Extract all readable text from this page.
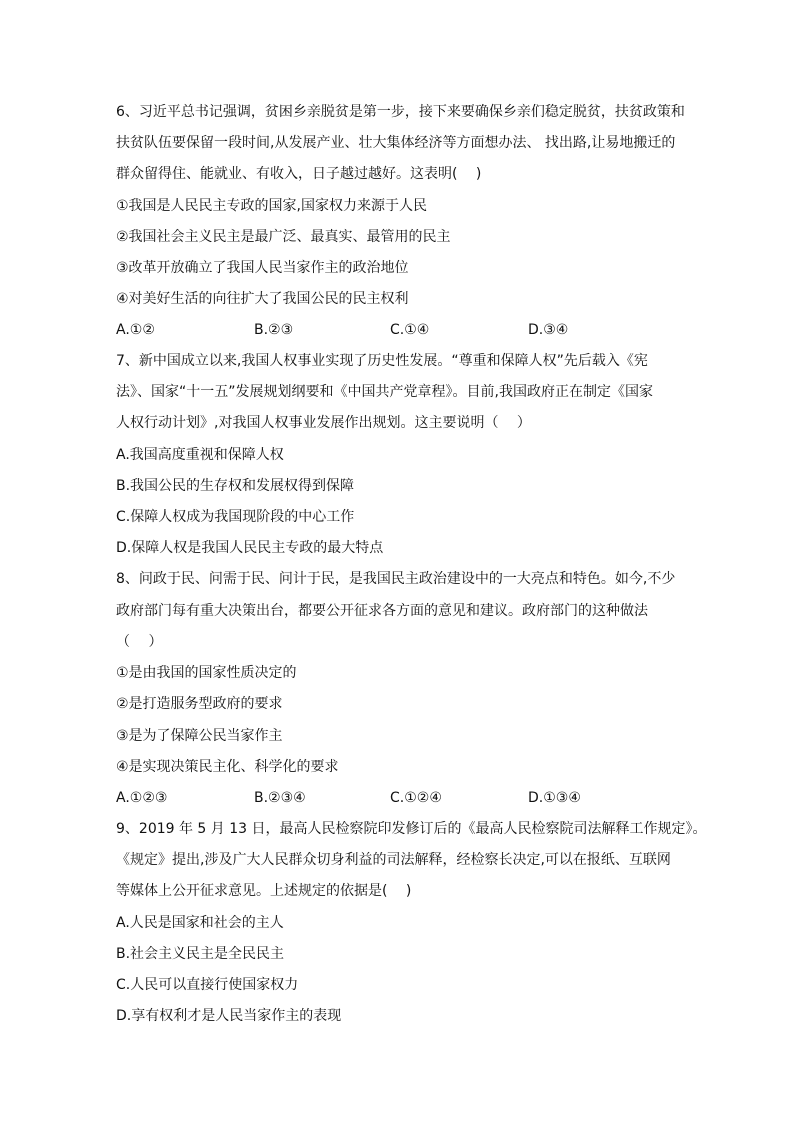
6、习近平总书记强调，贫困乡亲脱贫是第一步，接下来要确保乡亲们稳定脱贫，扶贫政策和
扶贫队伍要保留一段时间,从发展产业、壮大集体经济等方面想办法、 找出路,让易地搬迁的
群众留得住、能就业、有收入，日子越过越好。这表明(　 )
①我国是人民民主专政的国家,国家权力来源于人民
②我国社会主义民主是最广泛、最真实、最管用的民主
③改革开放确立了我国人民当家作主的政治地位
④对美好生活的向往扩大了我国公民的民主权利
A.①②	B.②③	C.①④	D.③④
7、新中国成立以来,我国人权事业实现了历史性发展。“尊重和保障人权”先后载入《宪
法》、国家“十一五”发展规划纲要和《中国共产党章程》。目前,我国政府正在制定《国家
人权行动计划》,对我国人权事业发展作出规划。这主要说明（　 ）
A.我国高度重视和保障人权
B.我国公民的生存权和发展权得到保障
C.保障人权成为我国现阶段的中心工作
D.保障人权是我国人民民主专政的最大特点
8、问政于民、问需于民、问计于民，是我国民主政治建设中的一大亮点和特色。如今,不少
政府部门每有重大决策出台，都要公开征求各方面的意见和建议。政府部门的这种做法
（　 ）
①是由我国的国家性质决定的
②是打造服务型政府的要求
③是为了保障公民当家作主
④是实现决策民主化、科学化的要求
A.①②③	B.②③④	C.①②④	D.①③④
9、2019 年 5 月 13 日，最高人民检察院印发修订后的《最高人民检察院司法解释工作规定》。
《规定》提出,涉及广大人民群众切身利益的司法解释，经检察长决定,可以在报纸、互联网
等媒体上公开征求意见。上述规定的依据是(　 )
A.人民是国家和社会的主人
B.社会主义民主是全民民主
C.人民可以直接行使国家权力
D.享有权利才是人民当家作主的表现
